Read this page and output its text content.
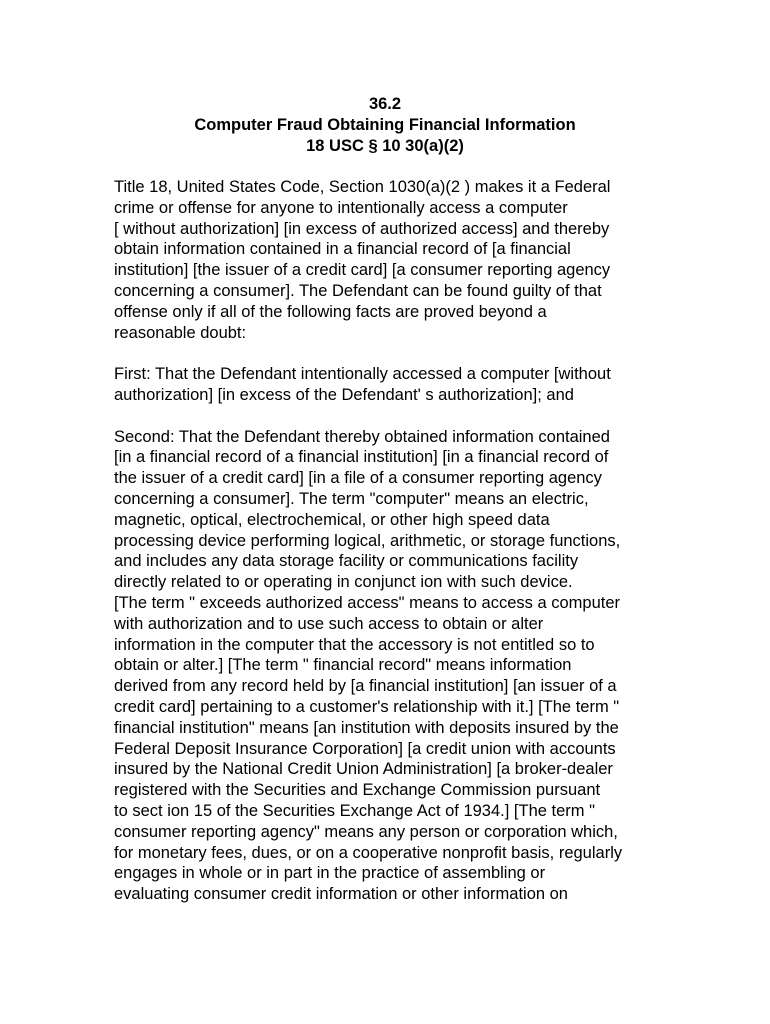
36.2
Computer Fraud Obtaining Financial Information
18 USC § 10 30(a)(2)
Title 18, United States Code, Section 1030(a)(2 ) makes it a Federal
crime or offense for anyone to intentionally access a computer
[ without authorization] [in excess of authorized access] and thereby
obtain information contained in a financial record of [a financial
institution] [the issuer of a credit card] [a consumer reporting agency
concerning a consumer]. The Defendant can be found guilty of that
offense only if all of the following facts are proved beyond a
reasonable doubt:
First: That the Defendant intentionally accessed a computer [without
authorization] [in excess of the Defendant' s authorization]; and
Second: That the Defendant thereby obtained information contained
[in a financial record of a financial institution] [in a financial record of
the issuer of a credit card] [in a file of a consumer reporting agency
concerning a consumer]. The term "computer" means an electric,
magnetic, optical, electrochemical, or other high speed data
processing device performing logical, arithmetic, or storage functions,
and includes any data storage facility or communications facility
directly related to or operating in conjunct ion with such device.
[The term " exceeds authorized access" means to access a computer
with authorization and to use such access to obtain or alter
information in the computer that the accessory is not entitled so to
obtain or alter.] [The term " financial record" means information
derived from any record held by [a financial institution] [an issuer of a
credit card] pertaining to a customer's relationship with it.] [The term "
financial institution" means [an institution with deposits insured by the
Federal Deposit Insurance Corporation] [a credit union with accounts
insured by the National Credit Union Administration] [a broker-dealer
registered with the Securities and Exchange Commission pursuant
to sect ion 15 of the Securities Exchange Act of 1934.] [The term "
consumer reporting agency" means any person or corporation which,
for monetary fees, dues, or on a cooperative nonprofit basis, regularly
engages in whole or in part in the practice of assembling or
evaluating consumer credit information or other information on
